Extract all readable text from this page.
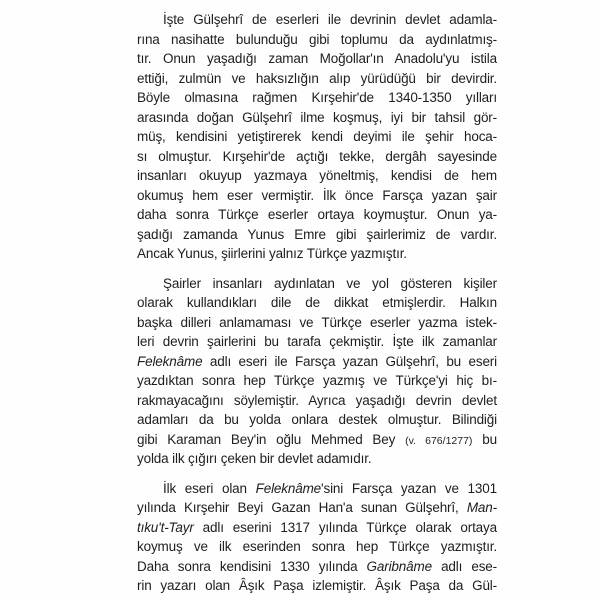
İşte Gülşehrî de eserleri ile devrinin devlet adamla-
rına nasihatte bulunduğu gibi toplumu da aydınlatmış-
tır. Onun yaşadığı zaman Moğollar'ın Anadolu'yu istila
ettiği, zulmün ve haksızlığın alıp yürüdüğü bir devirdir.
Böyle olmasına rağmen Kırşehir'de 1340-1350 yılları
arasında doğan Gülşehrî ilme koşmuş, iyi bir tahsil gör-
müş, kendisini yetiştirerek kendi deyimi ile şehir hoca-
sı olmuştur. Kırşehir'de açtığı tekke, dergâh sayesinde
insanları okuyup yazmaya yöneltmiş, kendisi de hem
okumuş hem eser vermiştir. İlk önce Farsça yazan şair
daha sonra Türkçe eserler ortaya koymuştur. Onun ya-
şadığı zamanda Yunus Emre gibi şairlerimiz de vardır.
Ancak Yunus, şiirlerini yalnız Türkçe yazmıştır.

Şairler insanları aydınlatan ve yol gösteren kişiler
olarak kullandıkları dile de dikkat etmişlerdir. Halkın
başka dilleri anlamaması ve Türkçe eserler yazma istek-
leri devrin şairlerini bu tarafa çekmiştir. İşte ilk zamanlar
Feleknâme adlı eseri ile Farsça yazan Gülşehrî, bu eseri
yazdıktan sonra hep Türkçe yazmış ve Türkçe'yi hiç bı-
rakmayacağını söylemiştir. Ayrıca yaşadığı devrin devlet
adamları da bu yolda onlara destek olmuştur. Bilindiği
gibi Karaman Bey'in oğlu Mehmed Bey (v. 676/1277) bu
yolda ilk çığırı çeken bir devlet adamıdır.

İlk eseri olan Feleknâme'sini Farsça yazan ve 1301
yılında Kırşehir Beyi Gazan Han'a sunan Gülşehrî, Man-
tıku't-Tayr adlı eserini 1317 yılında Türkçe olarak ortaya
koymuş ve ilk eserinden sonra hep Türkçe yazmıştır.
Daha sonra kendisini 1330 yılında Garibnâme adlı ese-
rin yazarı olan Âşık Paşa izlemiştir. Âşık Paşa da Gül-
